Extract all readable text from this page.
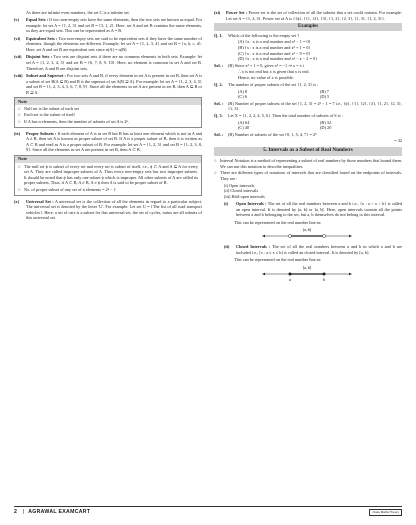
As there are infinite even numbers, the set C is a infinite set.

(v)	Equal Sets : If two non-empty sets have the same elements, then the two sets are known as equal. For example: let set A = {1, 2, 3} and set B = {3, 1, 2}. Here, set A and set B contains the same elements, so they are equal sets. This can be represented as A = B.
(vi)	Equivalent Sets : Two non-empty sets are said to be equivalent sets if they have the same number of elements, though the elements are different. Example: let set A = {1, 2, 3, 4} and set B = {a, b, c, d}. Here, set A and set B are equivalent sets since n(A) = n(B)
(vii)	Disjoint Sets : Two sets are disjoint sets if there are no common elements in both sets. Example: let set A = {1, 2, 3, 4, 5} and set B = {6, 7, 8, 9, 10}. Here, no element is common in set A and set B. Therefore, A and B are disjoint sets.
(viii) Subset and Superset : For two sets A and B, if every element in set A is present in set B, then set A is a subset of set B(A ⊆ B) and B is the superset of set A(B ⊇ A). For example: let set A = {1, 2, 3, 4, 5} and set B = {1, 2, 3, 4, 5, 6, 7, 8, 9}. Since all the elements in set A are present in set B, then A ⊆ B or B ⊇ A.
Note
○ Null set is the subset of each set
○ Each set is the subset of itself
○ If A has n elements, then the number of subsets of set A is 2ⁿ.
(ix)	Proper Subsets : If each element of A is in set B but B has at least one element which is not in A and A ≠ B, then set A is known as proper subset of set B. If A is a proper subset of B, then it is written as A ⊂ B and read as A is a proper subset of B. For example: let set A = {1, 2, 3} and set B = {1, 2, 3, 8, 9}. Since all the elements in set A are present in set B, then A ⊂ B.
Note
○ The null set ϕ is subset of every set and every set is subset of itself, i.e., ϕ ⊂ A and A ⊆ A for every set A. They are called improper subsets of A. Thus every non-empty sets has two improper subsets. It should be noted that ϕ has only one subset ϕ which is improper. All other subsets of A are called its proper subsets. Thus, if A ⊂ B, A ≠ B, A ≠ ϕ then A is said to be proper subset of B.
○ No. of proper subset of any set of n elements = 2ⁿ − 1
(x)	Universal Set : A universal set is the collection of all the elements in regard to a particular subject. The universal set is denoted by the letter 'U'. For example: Let set U = {The list of all road transport vehicles}. Here, a set of cars is a subset for this universal set, the set of cycles, trains are all subsets of this universal set.
(xi)	Power Set : Power set is the set of collection of all the subsets that a set could contain. For example: Let set A = {1, 2, 3}. Power set of A is {{ϕ}, {1}, {2}, {3}, {1, 2}, {2, 3}, {1, 3}, {1, 2, 3}}.
Examples
Q. 1.	Which of the following is the empty set ?
(A) {x : x is a real number and x² − 1 = 0}
(B) {x : x is a real number and x² + 1 = 0}
(C) {x : x is a real number and x² − 9 = 0}
(D) {x : x is a real number and x² − z − 2 = 0}
Sol. :	(B) Since x² + 1 = 0, gives x² = −1 ⇒ x = ± i
∴ x is not real but x is given that x is real.
Hence, no value of x is possible.
Q. 2.	The number of proper subsets of the set {1, 2, 3} is :
(A) 8	(B) 7
(C) 6	(D) 5
Sol. :	(B) Number of proper subsets of the set {1, 2, 3} = 2³ − 1 = 7 i.e., {ϕ}, {1}, {2}, {3}, {1, 2}, {2, 3}, {1, 3}.
Q. 3.	Let X = {1, 2, 3, 4, 5, 6}. Then the total number of subsets of S is :
(A) 64	(B) 32
(C) 40	(D) 20
Sol. :	(B) Number of subsets of the set {0, 1, 5, 4, 7} = 2⁵
= 32
5. Intervals as a Subset of Real Numbers
○ Interval Notation is a method of representing a subset of real numbers by those numbers that bound them. We can use this notation to describe inequalities
○ There are different types of notations of intervals that are classified based on the endpoints of intervals. They are :
(i) Open intervals
(ii) Closed intervals
(iii) Half-open intervals
(i)	Open Intervals : The set of all the real numbers between a and b i.e., {x : a < x < b} is called an open interval. It is denoted by (a, b) or ]a, b[. Here, open intervals contain all the points between a and b belonging to the set, but a, b themselves do not belong to this interval.
This can be represented on the real number line as:
(a, b)
(ii)	Closed Intervals : The set of all the real numbers between a and b in which a and b are included i.e., [x : a ≤ x ≤ b] is called an closed interval. It is denoted by [a, b].
This can be represented on the real number line as:
[a, b]
a	b
2 | AGRAWAL EXAMCART	Class Maths Theory
